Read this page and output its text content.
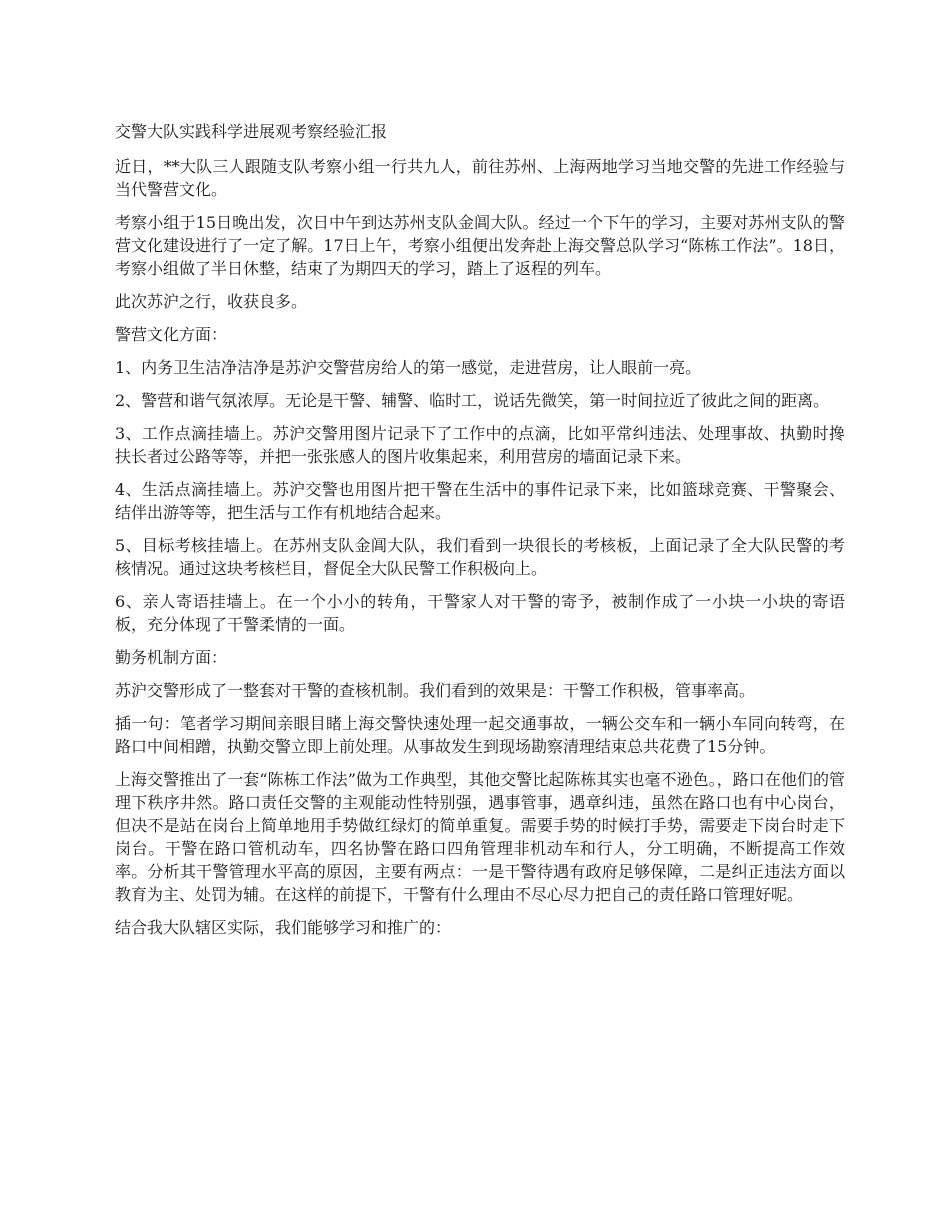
交警大队实践科学进展观考察经验汇报

近日，**大队三人跟随支队考察小组一行共九人，前往苏州、上海两地学习当地交警的先进工作经验与当代警营文化。

考察小组于15日晚出发，次日中午到达苏州支队金阊大队。经过一个下午的学习，主要对苏州支队的警营文化建设进行了一定了解。17日上午，考察小组便出发奔赴上海交警总队学习“陈栋工作法”。18日，考察小组做了半日休整，结束了为期四天的学习，踏上了返程的列车。

此次苏沪之行，收获良多。

警营文化方面：

1、内务卫生洁净洁净是苏沪交警营房给人的第一感觉，走进营房，让人眼前一亮。

2、警营和谐气氛浓厚。无论是干警、辅警、临时工，说话先微笑，第一时间拉近了彼此之间的距离。

3、工作点滴挂墙上。苏沪交警用图片记录下了工作中的点滴，比如平常纠违法、处理事故、执勤时搀扶长者过公路等等，并把一张张感人的图片收集起来，利用营房的墙面记录下来。

4、生活点滴挂墙上。苏沪交警也用图片把干警在生活中的事件记录下来，比如篮球竞赛、干警聚会、结伴出游等等，把生活与工作有机地结合起来。

5、目标考核挂墙上。在苏州支队金阊大队，我们看到一块很长的考核板，上面记录了全大队民警的考核情况。通过这块考核栏目，督促全大队民警工作积极向上。

6、亲人寄语挂墙上。在一个小小的转角，干警家人对干警的寄予，被制作成了一小块一小块的寄语板，充分体现了干警柔情的一面。

勤务机制方面：

苏沪交警形成了一整套对干警的查核机制。我们看到的效果是：干警工作积极，管事率高。

插一句：笔者学习期间亲眼目睹上海交警快速处理一起交通事故，一辆公交车和一辆小车同向转弯，在路口中间相蹭，执勤交警立即上前处理。从事故发生到现场勘察清理结束总共花费了15分钟。

上海交警推出了一套“陈栋工作法”做为工作典型，其他交警比起陈栋其实也毫不逊色。，路口在他们的管理下秩序井然。路口责任交警的主观能动性特别强，遇事管事，遇章纠违，虽然在路口也有中心岗台，但决不是站在岗台上简单地用手势做红绿灯的简单重复。需要手势的时候打手势，需要走下岗台时走下岗台。干警在路口管机动车，四名协警在路口四角管理非机动车和行人，分工明确，不断提高工作效率。分析其干警管理水平高的原因，主要有两点：一是干警待遇有政府足够保障，二是纠正违法方面以教育为主、处罚为辅。在这样的前提下，干警有什么理由不尽心尽力把自己的责任路口管理好呢。

结合我大队辖区实际，我们能够学习和推广的：
